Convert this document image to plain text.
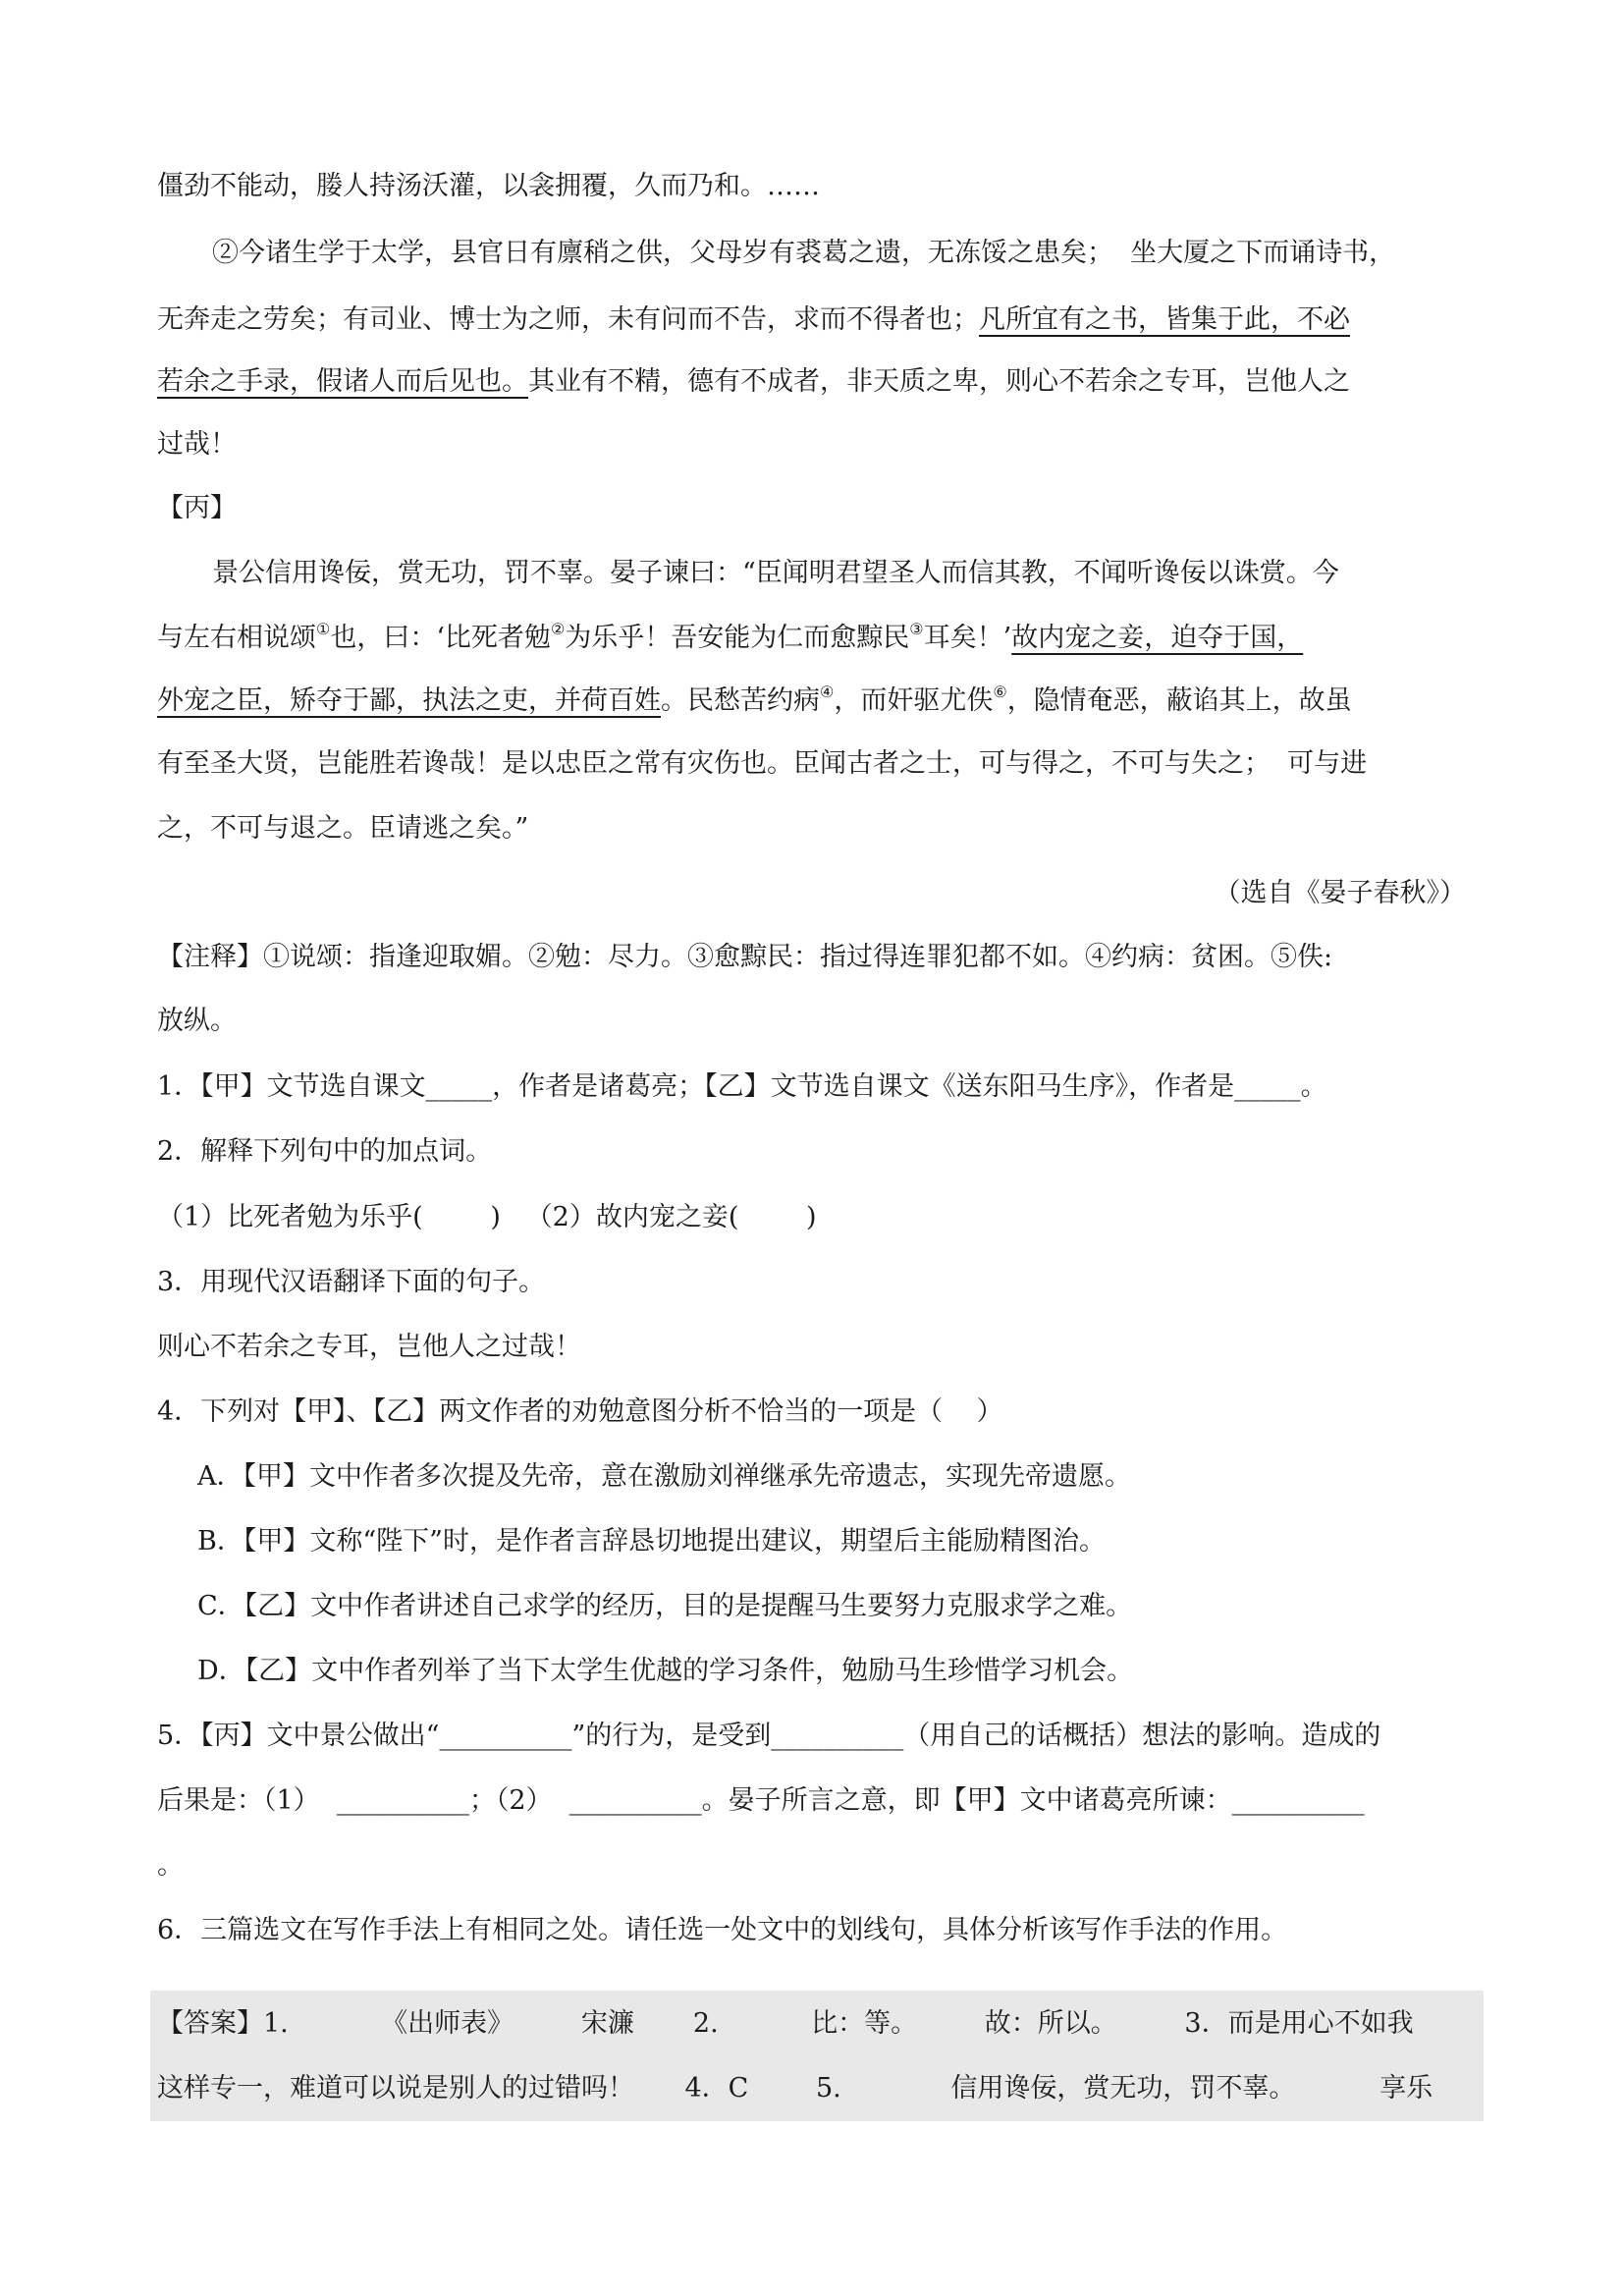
僵劲不能动，媵人持汤沃灌，以衾拥覆，久而乃和。……
②今诸生学于太学，县官日有廪稍之供，父母岁有裘葛之遗，无冻馁之患矣；  坐大厦之下而诵诗书，
无奔走之劳矣；有司业、博士为之师，未有问而不告，求而不得者也；凡所宜有之书，皆集于此，不必
若余之手录，假诸人而后见也。其业有不精，德有不成者，非天质之卑，则心不若余之专耳，岂他人之
过哉！
【丙】
景公信用谗佞，赏无功，罚不辜。晏子谏曰：“臣闻明君望圣人而信其教，不闻听谗佞以诛赏。今
与左右相说颂①也，曰：‘比死者勉②为乐乎！吾安能为仁而愈黥民③耳矣！’故内宠之妾，迫夺于国，
外宠之臣，矫夺于鄙，执法之吏，并荷百姓。民愁苦约病④，而奸驱尤佚⑥，隐情奄恶，蔽谄其上，故虽
有至圣大贤，岂能胜若谗哉！是以忠臣之常有灾伤也。臣闻古者之士，可与得之，不可与失之；  可与进
之，不可与退之。臣请逃之矣。”
（选自《晏子春秋》）
【注释】①说颂：指逢迎取媚。②勉：尽力。③愈黥民：指过得连罪犯都不如。④约病：贫困。⑤佚:
放纵。
1．【甲】文节选自课文_____，作者是诸葛亮；【乙】文节选自课文《送东阳马生序》，作者是_____。
2．解释下列句中的加点词。
（1）比死者勉为乐乎(        )   （2）故内宠之妾(        )
3．用现代汉语翻译下面的句子。
则心不若余之专耳，岂他人之过哉！
4．下列对【甲】、【乙】两文作者的劝勉意图分析不恰当的一项是（    ）
A．【甲】文中作者多次提及先帝，意在激励刘禅继承先帝遗志，实现先帝遗愿。
B．【甲】文称“陛下”时，是作者言辞恳切地提出建议，期望后主能励精图治。
C．【乙】文中作者讲述自己求学的经历，目的是提醒马生要努力克服求学之难。
D．【乙】文中作者列举了当下太学生优越的学习条件，勉励马生珍惜学习机会。
5．【丙】文中景公做出“__________”的行为，是受到__________（用自己的话概括）想法的影响。造成的
后果是：（1）  __________；（2）  __________。晏子所言之意，即【甲】文中诸葛亮所谏：__________
。
6．三篇选文在写作手法上有相同之处。请任选一处文中的划线句，具体分析该写作手法的作用。
【答案】1.           《出师表》        宋濂       2.           比：等。        故：所以。        3．而是用心不如我
这样专一，难道可以说是别人的过错吗！      4．C        5.             信用谗佞，赏无功，罚不辜。          享乐
